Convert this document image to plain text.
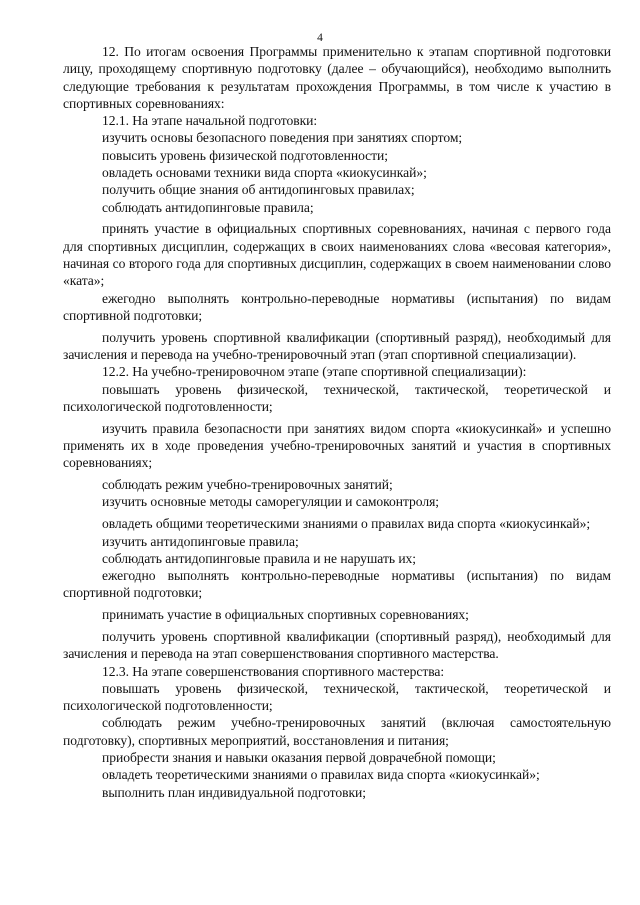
4

12. По итогам освоения Программы применительно к этапам спортивной подготовки лицу, проходящему спортивную подготовку (далее – обучающийся), необходимо выполнить следующие требования к результатам прохождения Программы, в том числе к участию в спортивных соревнованиях:

12.1. На этапе начальной подготовки:

изучить основы безопасного поведения при занятиях спортом;

повысить уровень физической подготовленности;

овладеть основами техники вида спорта «киокусинкай»;

получить общие знания об антидопинговых правилах;

соблюдать антидопинговые правила;

принять участие в официальных спортивных соревнованиях, начиная с первого года для спортивных дисциплин, содержащих в своих наименованиях слова «весовая категория», начиная со второго года для спортивных дисциплин, содержащих в своем наименовании слово «ката»;

ежегодно выполнять контрольно-переводные нормативы (испытания) по видам спортивной подготовки;

получить уровень спортивной квалификации (спортивный разряд), необходимый для зачисления и перевода на учебно-тренировочный этап (этап спортивной специализации).

12.2. На учебно-тренировочном этапе (этапе спортивной специализации):

повышать уровень физической, технической, тактической, теоретической и психологической подготовленности;

изучить правила безопасности при занятиях видом спорта «киокусинкай» и успешно применять их в ходе проведения учебно-тренировочных занятий и участия в спортивных соревнованиях;

соблюдать режим учебно-тренировочных занятий;

изучить основные методы саморегуляции и самоконтроля;

овладеть общими теоретическими знаниями о правилах вида спорта «киокусинкай»;

изучить антидопинговые правила;

соблюдать антидопинговые правила и не нарушать их;

ежегодно выполнять контрольно-переводные нормативы (испытания) по видам спортивной подготовки;

принимать участие в официальных спортивных соревнованиях;

получить уровень спортивной квалификации (спортивный разряд), необходимый для зачисления и перевода на этап совершенствования спортивного мастерства.

12.3. На этапе совершенствования спортивного мастерства:

повышать уровень физической, технической, тактической, теоретической и психологической подготовленности;

соблюдать режим учебно-тренировочных занятий (включая самостоятельную подготовку), спортивных мероприятий, восстановления и питания;

приобрести знания и навыки оказания первой доврачебной помощи;

овладеть теоретическими знаниями о правилах вида спорта «киокусинкай»;

выполнить план индивидуальной подготовки;
